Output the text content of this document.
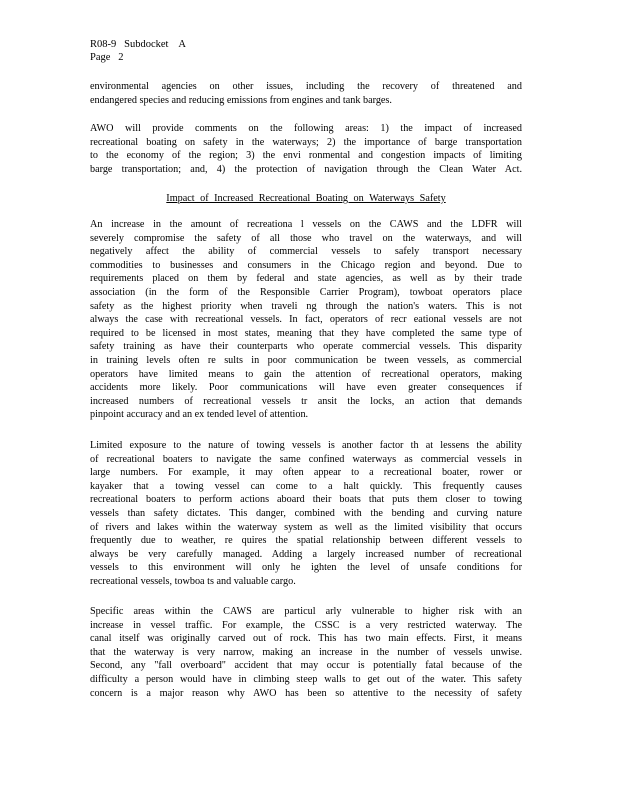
R08-9   Subdocket    A
Page   2
environmental agencies on other issues, including the recovery of threatened and
endangered species and reducing emissions from engines and tank barges.
AWO will provide comments on the following areas: 1) the impact of increased
recreational boating on safety in the waterways; 2) the importance of barge transportation
to the economy of the region; 3) the envi ronmental and congestion impacts of limiting
barge transportation; and, 4) the protection of navigation through the Clean Water Act.
Impact of Increased Recreational Boating on Waterways Safety
An increase in the amount of recreationa l vessels on the CAWS and the LDFR will
severely compromise the safety of all those who travel on the waterways, and will
negatively affect the ability of commercial vessels to safely transport necessary
commodities to businesses and consumers in the Chicago region and beyond. Due to
requirements placed on them by federal and state agencies, as well as by their trade
association (in the form of the Responsible Carrier Program), towboat operators place
safety as the highest priority when traveli ng through the nation's waters. This is not
always the case with recreational vessels. In fact, operators of recr eational vessels are not
required to be licensed in most states, meaning that they have completed the same type of
safety training as have their counterparts who operate commercial vessels. This disparity
in training levels often re sults in poor communication be tween vessels, as commercial
operators have limited means to gain the attention of recreational operators, making
accidents more likely. Poor communications will have even greater consequences if
increased numbers of recreational vessels tr ansit the locks, an action that demands
pinpoint accuracy and an ex tended level of attention.
Limited exposure to the nature of towing vessels is another factor th at lessens the ability
of recreational boaters to navigate the same confined waterways as commercial vessels in
large numbers. For example, it may often appear to a recreational boater, rower or
kayaker that a towing vessel can come to a halt quickly. This frequently causes
recreational boaters to perform actions aboard their boats that puts them closer to towing
vessels than safety dictates. This danger, combined with the bending and curving nature
of rivers and lakes within the waterway system as well as the limited visibility that occurs
frequently due to weather, re quires the spatial relationship between different vessels to
always be very carefully managed. Adding a largely increased number of recreational
vessels to this environment will only he ighten the level of unsafe conditions for
recreational vessels, towboa ts and valuable cargo.
Specific areas within the CAWS are particul arly vulnerable to higher risk with an
increase in vessel traffic. For example, the CSSC is a very restricted waterway. The
canal itself was originally carved out of rock. This has two main effects. First, it means
that the waterway is very narrow, making an increase in the number of vessels unwise.
Second, any "fall overboard" accident that may occur is potentially fatal because of the
difficulty a person would have in climbing steep walls to get out of the water. This safety
concern is a major reason why AWO has been so attentive to the necessity of safety
